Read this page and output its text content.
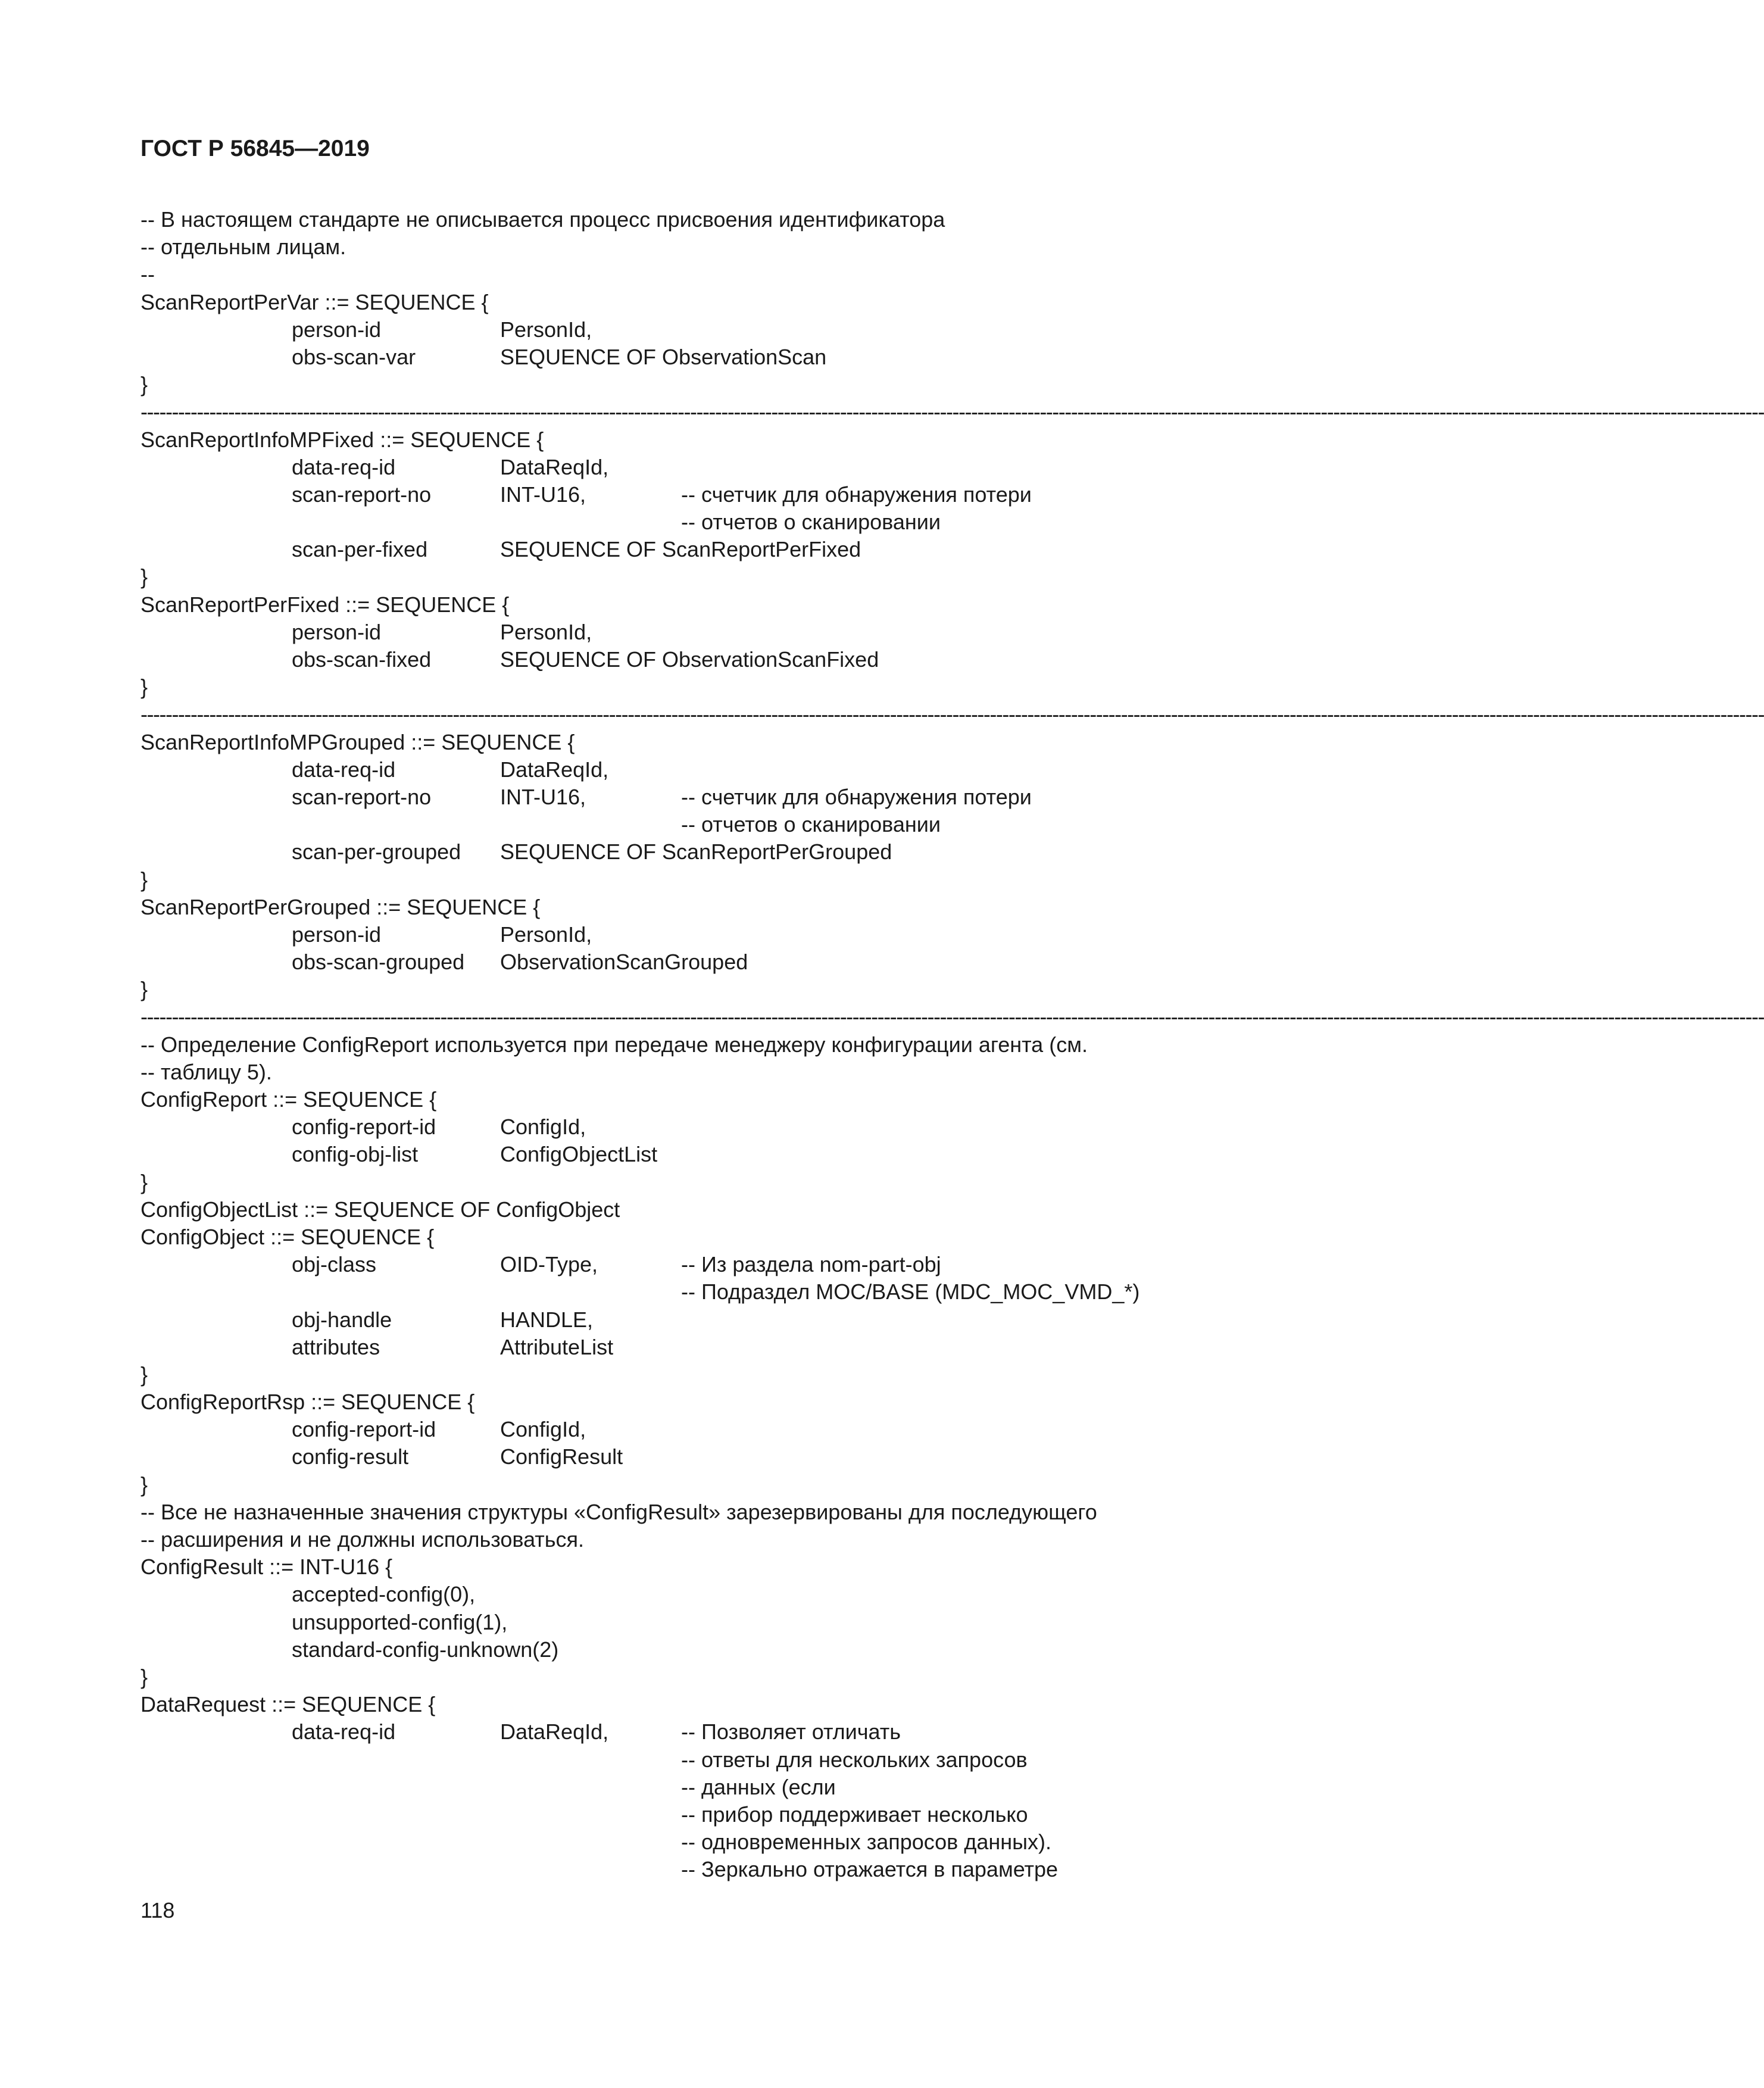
ГОСТ Р 56845—2019
-- В настоящем стандарте не описывается процесс присвоения идентификатора
-- отдельным лицам.
--
ScanReportPerVar ::= SEQUENCE {
person-id	PersonId,
obs-scan-var	SEQUENCE OF ObservationScan
}
--------------------------------------------------------------------------------------------------------------------------------------------------------------------------------------------------------------------------------------------------------------------
ScanReportInfoMPFixed ::= SEQUENCE {
data-req-id	DataReqId,
scan-report-no	INT-U16,	-- счетчик для обнаружения потери
-- отчетов о сканировании
scan-per-fixed	SEQUENCE OF ScanReportPerFixed
}
ScanReportPerFixed ::= SEQUENCE {
person-id	PersonId,
obs-scan-fixed	SEQUENCE OF ObservationScanFixed
}
--------------------------------------------------------------------------------------------------------------------------------------------------------------------------------------------------------------------------------------------------------------------
ScanReportInfoMPGrouped ::= SEQUENCE {
data-req-id	DataReqId,
scan-report-no	INT-U16,	-- счетчик для обнаружения потери
-- отчетов о сканировании
scan-per-grouped SEQUENCE OF ScanReportPerGrouped
}
ScanReportPerGrouped ::= SEQUENCE {
person-id	PersonId,
obs-scan-grouped ObservationScanGrouped
}
--------------------------------------------------------------------------------------------------------------------------------------------------------------------------------------------------------------------------------------------------------------------
-- Определение ConfigReport используется при передаче менеджеру конфигурации агента (см.
-- таблицу 5).
ConfigReport ::= SEQUENCE {
config-report-id	ConfigId,
config-obj-list	ConfigObjectList
}
ConfigObjectList ::= SEQUENCE OF ConfigObject
ConfigObject ::= SEQUENCE {
obj-class	OID-Type,	-- Из раздела nom-part-obj
-- Подраздел MOC/BASE (MDC_MOC_VMD_*)
obj-handle	HANDLE,
attributes	AttributeList
}
ConfigReportRsp ::= SEQUENCE {
config-report-id	ConfigId,
config-result	ConfigResult
}
-- Все не назначенные значения структуры «ConfigResult» зарезервированы для последующего
-- расширения и не должны использоваться.
ConfigResult ::= INT-U16 {
accepted-config(0),
unsupported-config(1),
standard-config-unknown(2)
}
DataRequest ::= SEQUENCE {
data-req-id	DataReqId,	-- Позволяет отличать
-- ответы для нескольких запросов
-- данных (если
-- прибор поддерживает несколько
-- одновременных запросов данных).
-- Зеркально отражается в параметре
118
